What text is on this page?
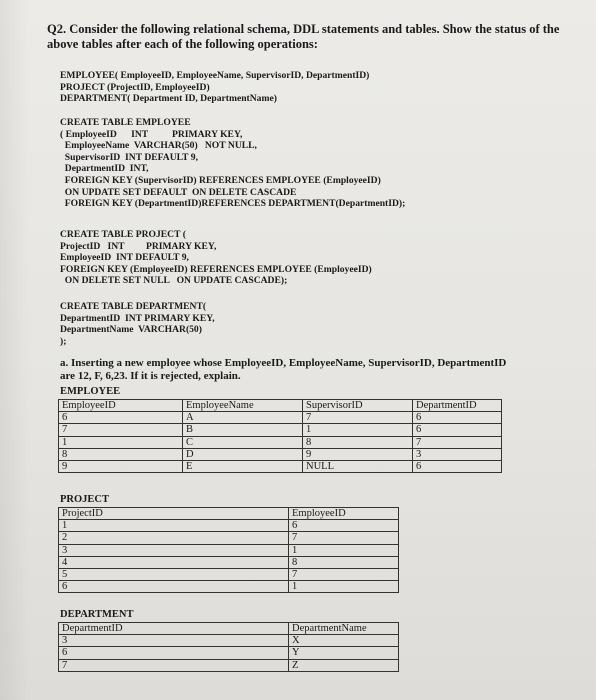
Q2. Consider the following relational schema, DDL statements and tables. Show the status of the above tables after each of the following operations:
EMPLOYEE( EmployeeID, EmployeeName, SupervisorID, DepartmentID)
PROJECT (ProjectID, EmployeeID)
DEPARTMENT( Department ID, DepartmentName)
CREATE TABLE EMPLOYEE
( EmployeeID      INT          PRIMARY KEY,
EmployeeName  VARCHAR(50)   NOT NULL,
SupervisorID  INT DEFAULT 9,
DepartmentID  INT,
FOREIGN KEY (SupervisorID) REFERENCES EMPLOYEE (EmployeeID)
ON UPDATE SET DEFAULT  ON DELETE CASCADE
FOREIGN KEY (DepartmentID)REFERENCES DEPARTMENT(DepartmentID);
CREATE TABLE PROJECT (
ProjectID   INT         PRIMARY KEY,
EmployeeID  INT DEFAULT 9,
FOREIGN KEY (EmployeeID) REFERENCES EMPLOYEE (EmployeeID)
ON DELETE SET NULL   ON UPDATE CASCADE);
CREATE TABLE DEPARTMENT(
DepartmentID  INT PRIMARY KEY,
DepartmentName  VARCHAR(50)
);
a. Inserting a new employee whose EmployeeID, EmployeeName, SupervisorID, DepartmentID
are 12, F, 6,23. If it is rejected, explain.
EMPLOYEE
EmployeeID	EmployeeName	SupervisorID	DepartmentID
6	A	7	6
7	B	1	6
1	C	8	7
8	D	9	3
9	E	NULL	6
PROJECT
ProjectID	EmployeeID
1	6
2	7
3	1
4	8
5	7
6	1
DEPARTMENT
DepartmentID	DepartmentName
3	X
6	Y
7	Z
